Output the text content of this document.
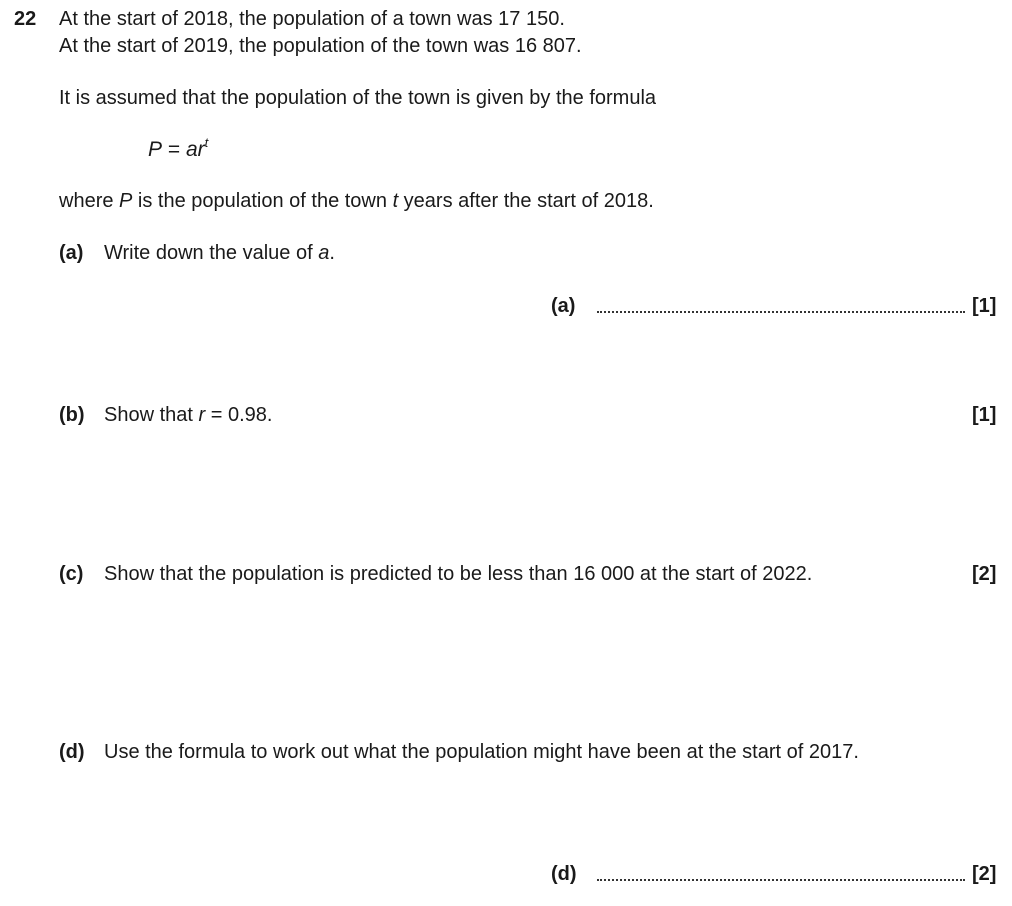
22 At the start of 2018, the population of a town was 17 150.
At the start of 2019, the population of the town was 16 807.
It is assumed that the population of the town is given by the formula
$P = ar^t$
where P is the population of the town t years after the start of 2018.
(a) Write down the value of a.
(a)	[1]
(b) Show that r = 0.98.	[1]
(c) Show that the population is predicted to be less than 16 000 at the start of 2022.	[2]
(d) Use the formula to work out what the population might have been at the start of 2017.
(d)	[2]
